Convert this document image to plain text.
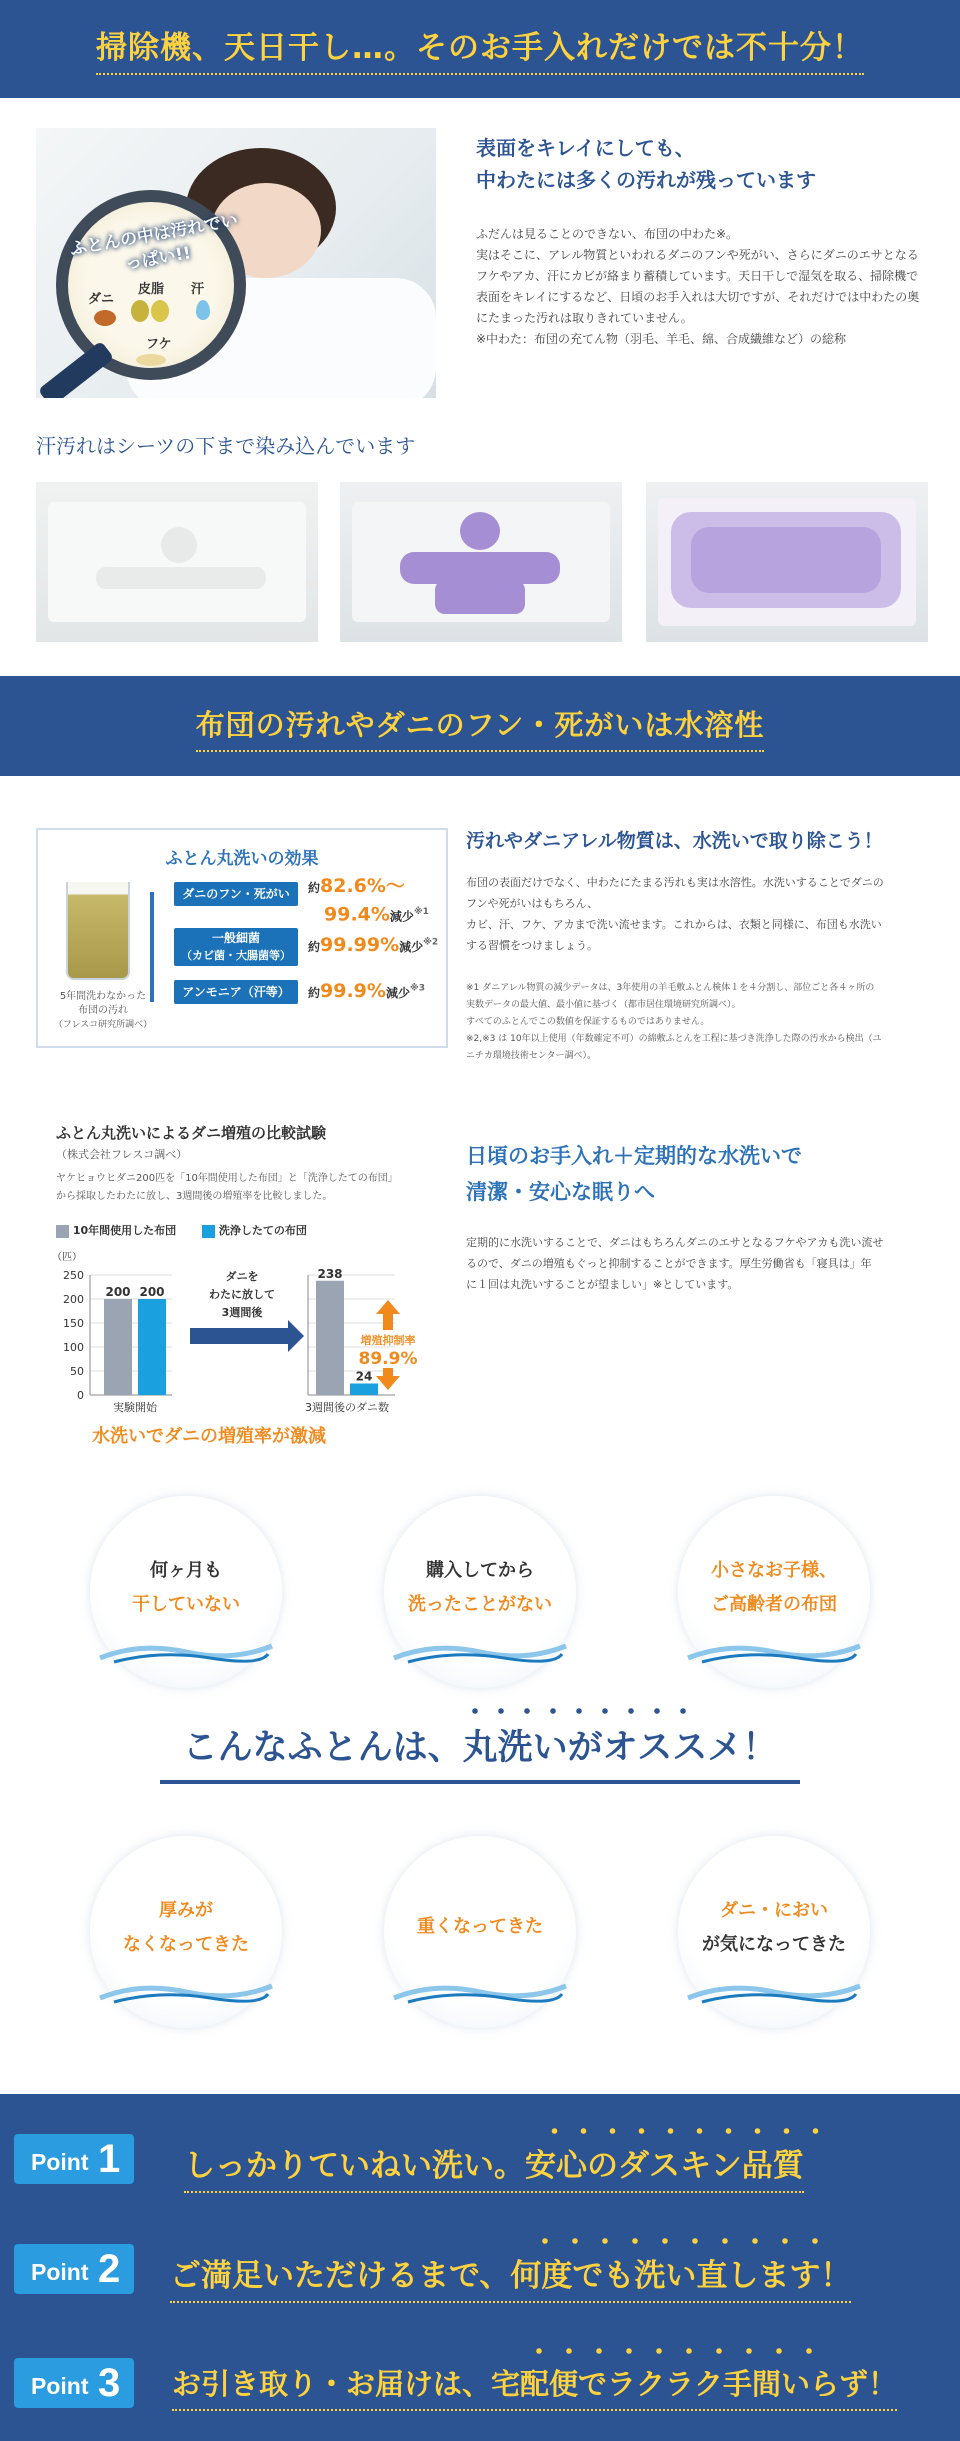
掃除機、天日干し…。そのお手入れだけでは不十分！
ふとんの中は汚れでいっぱい!!
ダニ
皮脂 汗
フケ
表面をキレイにしても、
中わたには多くの汚れが残っています
ふだんは見ることのできない、布団の中わた※。
実はそこに、アレル物質といわれるダニのフンや死がい、さらにダニのエサとなる
フケやアカ、汗にカビが絡まり蓄積しています。天日干しで湿気を取る、掃除機で
表面をキレイにするなど、日頃のお手入れは大切ですが、それだけでは中わたの奥
にたまった汚れは取りきれていません。
※中わた：布団の充てん物（羽毛、羊毛、綿、合成繊維など）の総称
汗汚れはシーツの下まで染み込んでいます
布団の汚れやダニのフン・死がいは水溶性
ふとん丸洗いの効果
5年間洗わなかった
布団の汚れ
（フレスコ研究所調べ）
ダニのフン・死がい	約82.6%～
99.4%減少$^{※1}$
一般細菌
（カビ菌・大腸菌等）
約99.99%減少$^{※2}$
アンモニア（汗等）	約99.9%減少$^{※3}$
汚れやダニアレル物質は、水洗いで取り除こう！
布団の表面だけでなく、中わたにたまる汚れも実は水溶性。水洗いすることでダニの
フンや死がいはもちろん、
カビ、汗、フケ、アカまで洗い流せます。これからは、衣類と同様に、布団も水洗い
する習慣をつけましょう。
※1 ダニアレル物質の減少データは、3年使用の羊毛敷ふとん検体１を４分割し、部位ごと各４ヶ所の
実数データの最大値、最小値に基づく（都市居住環境研究所調べ）。
すべてのふとんでこの数値を保証するものではありません。
※2,※3 は 10年以上使用（年数確定不可）の綿敷ふとんを工程に基づき洗浄した際の汚水から検出（ユ
ニチカ環境技術センター調べ）。
ふとん丸洗いによるダニ増殖の比較試験
（株式会社フレスコ調べ）
ヤケヒョウヒダニ200匹を「10年間使用した布団」と「洗浄したての布団」
から採取したわたに放し、3週間後の増殖率を比較しました。
10年間使用した布団	洗浄したての布団
（匹）
0
50
100
150
200
250
200 200
実験開始
238
24
3週間後のダニ数
ダニを
わたに放して
3週間後
増殖抑制率
89.9%
水洗いでダニの増殖率が激減
日頃のお手入れ＋定期的な水洗いで
清潔・安心な眠りへ
定期的に水洗いすることで、ダニはもちろんダニのエサとなるフケやアカも洗い流せ
るので、ダニの増殖もぐっと抑制することができます。厚生労働省も「寝具は」年
に１回は丸洗いすることが望ましい」※としています。
何ヶ月も
干していない
購入してから
洗ったことがない
小さなお子様、
ご高齢者の布団
こんなふとんは、丸洗いがオススメ！
厚みが
なくなってきた
重くなってきた
ダニ・におい
が気になってきた
Point 1 しっかりていねい洗い。安心のダスキン品質
Point 2 ご満足いただけるまで、何度でも洗い直します！
Point 3 お引き取り・お届けは、宅配便でラクラク手間いらず！
